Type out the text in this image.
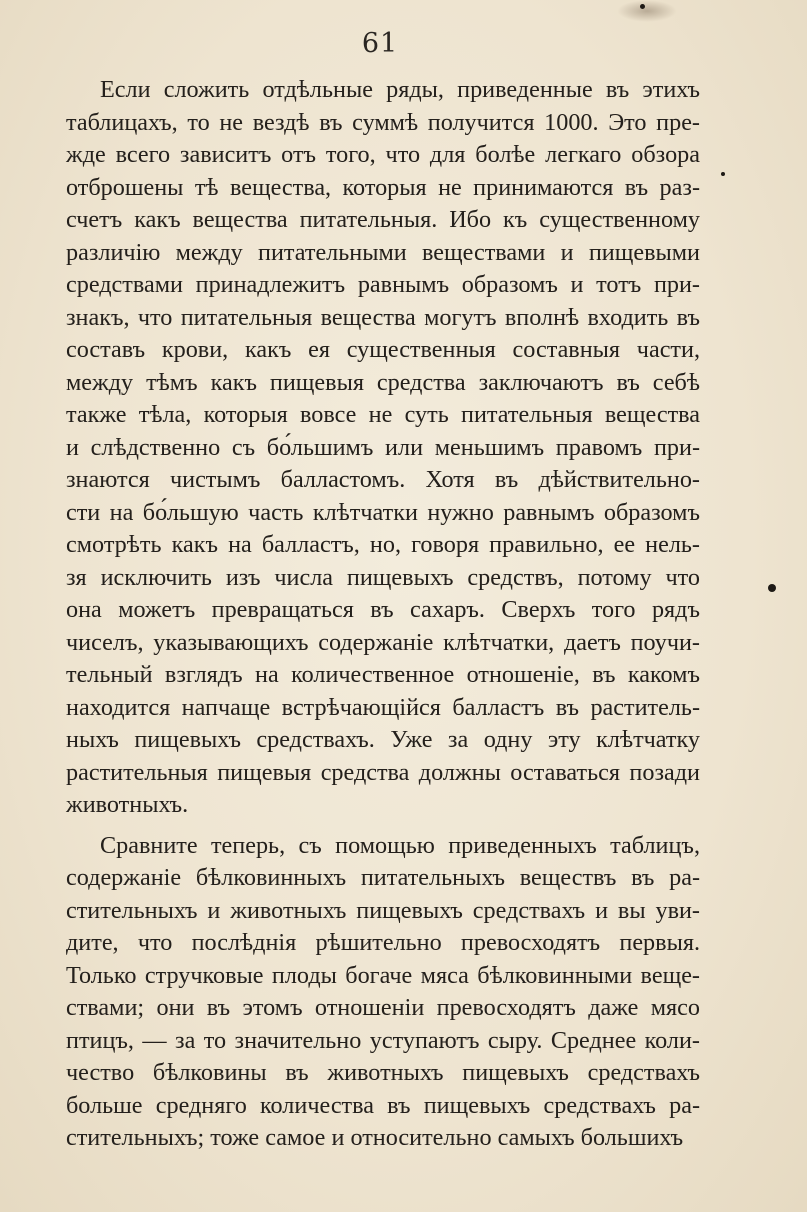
61
Если сложить отдѣльные ряды, приведенные въ этихъ
таблицахъ, то не вездѣ въ суммѣ получится 1000. Это пре-
жде всего зависитъ отъ того, что для болѣе легкаго обзора
отброшены тѣ вещества, которыя не принимаются въ раз-
счетъ какъ вещества питательныя. Ибо къ существенному
различію между питательными веществами и пищевыми
средствами принадлежитъ равнымъ образомъ и тотъ при-
знакъ, что питательныя вещества могутъ вполнѣ входить въ
составъ крови, какъ ея существенныя составныя части,
между тѣмъ какъ пищевыя средства заключаютъ въ себѣ
также тѣла, которыя вовсе не суть питательныя вещества
и слѣдственно съ бо́льшимъ или меньшимъ правомъ при-
знаются чистымъ балластомъ. Хотя въ дѣйствительно-
сти на бо́льшую часть клѣтчатки нужно равнымъ образомъ
смотрѣть какъ на балластъ, но, говоря правильно, ее нель-
зя исключить изъ числа пищевыхъ средствъ, потому что
она можетъ превращаться въ сахаръ. Сверхъ того рядъ
чиселъ, указывающихъ содержаніе клѣтчатки, даетъ поучи-
тельный взглядъ на количественное отношеніе, въ какомъ
находится напчаще встрѣчающійся балластъ въ раститель-
ныхъ пищевыхъ средствахъ. Уже за одну эту клѣтчатку
растительныя пищевыя средства должны оставаться позади
животныхъ.
Сравните теперь, съ помощью приведенныхъ таблицъ,
содержаніе бѣлковинныхъ питательныхъ веществъ въ ра-
стительныхъ и животныхъ пищевыхъ средствахъ и вы уви-
дите, что послѣднія рѣшительно превосходятъ первыя.
Только стручковые плоды богаче мяса бѣлковинными веще-
ствами; они въ этомъ отношеніи превосходятъ даже мясо
птицъ, — за то значительно уступаютъ сыру. Среднее коли-
чество бѣлковины въ животныхъ пищевыхъ средствахъ
больше средняго количества въ пищевыхъ средствахъ ра-
стительныхъ; тоже самое и относительно самыхъ большихъ
